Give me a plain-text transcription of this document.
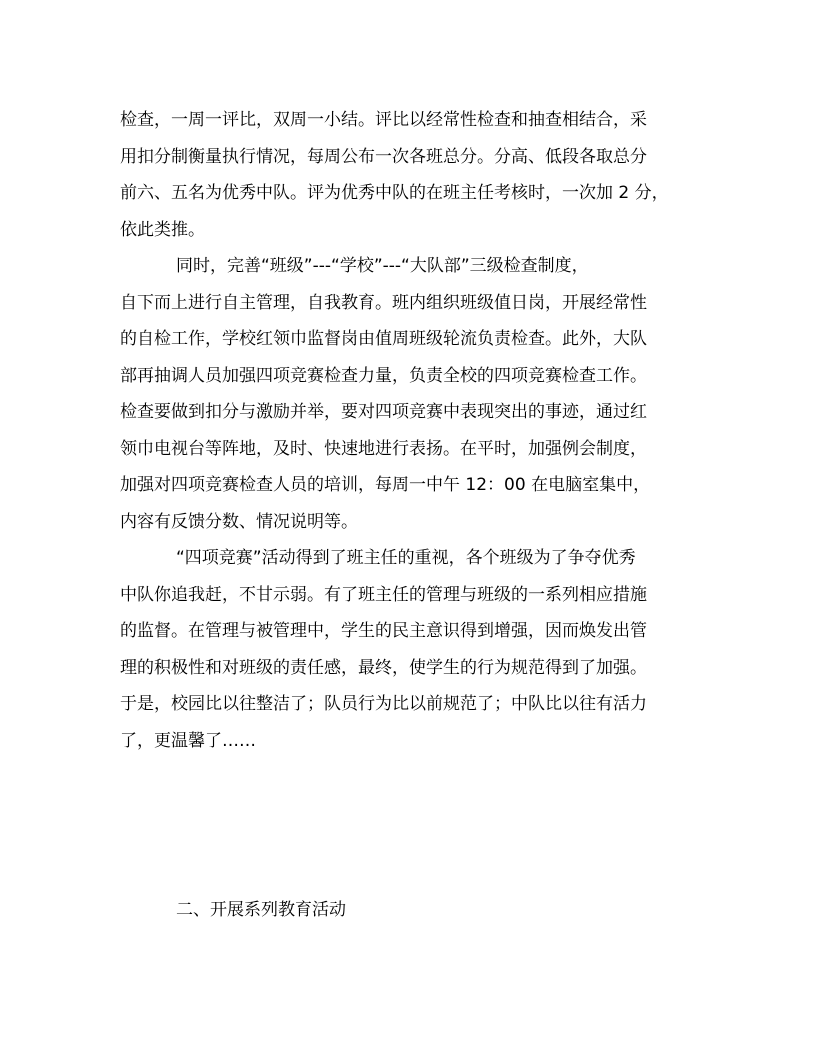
检查，一周一评比，双周一小结。评比以经常性检查和抽查相结合，采
用扣分制衡量执行情况，每周公布一次各班总分。分高、低段各取总分
前六、五名为优秀中队。评为优秀中队的在班主任考核时，一次加 2 分，
依此类推。

同时，完善“班级”---“学校”---“大队部”三级检查制度，
自下而上进行自主管理，自我教育。班内组织班级值日岗，开展经常性
的自检工作，学校红领巾监督岗由值周班级轮流负责检查。此外，大队
部再抽调人员加强四项竞赛检查力量，负责全校的四项竞赛检查工作。
检查要做到扣分与激励并举，要对四项竞赛中表现突出的事迹，通过红
领巾电视台等阵地，及时、快速地进行表扬。在平时，加强例会制度，
加强对四项竞赛检查人员的培训，每周一中午 12：00 在电脑室集中，
内容有反馈分数、情况说明等。

“四项竞赛”活动得到了班主任的重视，各个班级为了争夺优秀
中队你追我赶，不甘示弱。有了班主任的管理与班级的一系列相应措施
的监督。在管理与被管理中，学生的民主意识得到增强，因而焕发出管
理的积极性和对班级的责任感，最终，使学生的行为规范得到了加强。
于是，校园比以往整洁了；队员行为比以前规范了；中队比以往有活力
了，更温馨了……

二、开展系列教育活动
